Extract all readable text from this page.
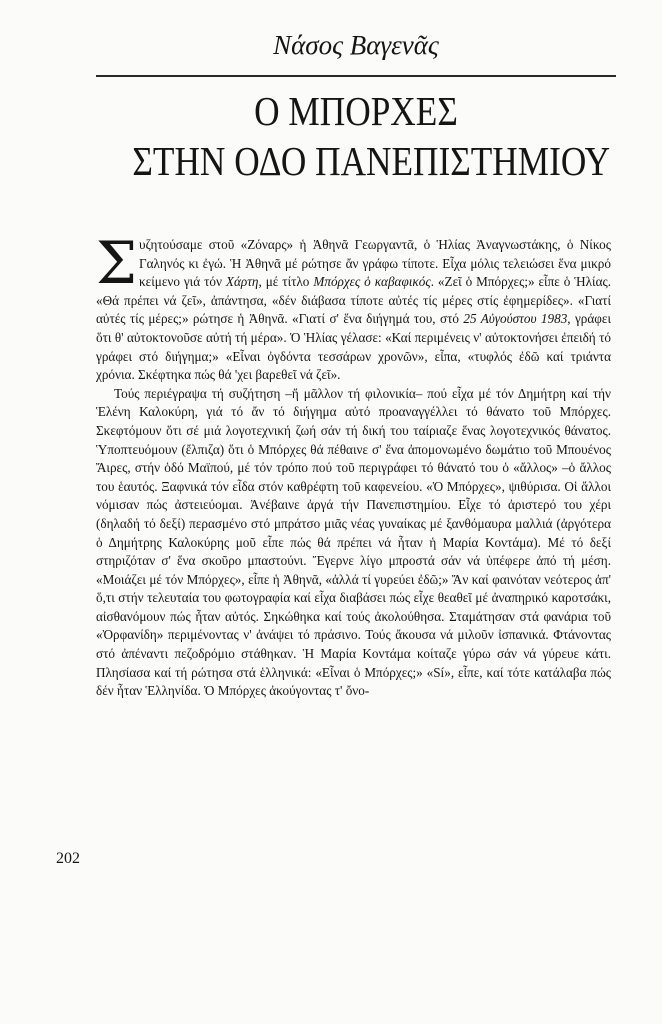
Νάσος Βαγενᾶς
Ο ΜΠΟΡΧΕΣ
ΣΤΗΝ ΟΔΟ ΠΑΝΕΠΙΣΤΗΜΙΟΥ

Συζητούσαμε στοῦ «Ζόναρς» ἡ Ἀθηνᾶ Γεωργαντᾶ, ὁ Ἡλίας Ἀναγνωστάκης, ὁ Νίκος Γαληνός κι ἐγώ. Ἡ Ἀθηνᾶ μέ ρώτησε ἄν γράφω τίποτε. Εἶχα μόλις τελειώσει ἕνα μικρό κείμενο γιά τόν Χάρτη, μέ τίτλο Μπόρχες ὁ καβαφικός. «Ζεῖ ὁ Μπόρχες;» εἶπε ὁ Ἡλίας. «Θά πρέπει νά ζεῖ», ἀπάντησα, «δέν διάβασα τίποτε αὐτές τίς μέρες στίς ἐφημερίδες». «Γιατί αὐτές τίς μέρες;» ρώτησε ἡ Ἀθηνᾶ. «Γιατί σ' ἕνα διήγημά του, στό 25 Αὐγούστου 1983, γράφει ὅτι θ' αὐτοκτονοῦσε αὐτή τή μέρα». Ὁ Ἡλίας γέλασε: «Καί περιμένεις ν' αὐτοκτονήσει ἐπειδή τό γράφει στό διήγημα;» «Εἶναι ὀγδόντα τεσσάρων χρονῶν», εἶπα, «τυφλός ἐδῶ καί τριάντα χρόνια. Σκέφτηκα πώς θά 'χει βαρεθεῖ νά ζεῖ».

Τούς περιέγραψα τή συζήτηση –ἤ μᾶλλον τή φιλονικία– πού εἶχα μέ τόν Δημήτρη καί τήν Ἑλένη Καλοκύρη, γιά τό ἄν τό διήγημα αὐτό προαναγγέλλει τό θάνατο τοῦ Μπόρχες. Σκεφτόμουν ὅτι σέ μιά λογοτεχνική ζωή σάν τή δική του ταίριαζε ἕνας λογοτεχνικός θάνατος. Ὑποπτευόμουν (ἔλπιζα) ὅτι ὁ Μπόρχες θά πέθαινε σ' ἕνα ἀπομονωμένο δωμάτιο τοῦ Μπουένος Ἄιρες, στήν ὁδό Μαϊπού, μέ τόν τρόπο πού τοῦ περιγράφει τό θάνατό του ὁ «ἄλλος» –ὁ ἄλλος του ἑαυτός. Ξαφνικά τόν εἶδα στόν καθρέφτη τοῦ καφενείου. «Ὁ Μπόρχες», ψιθύρισα. Οἱ ἄλλοι νόμισαν πώς ἀστειεύομαι. Ἀνέβαινε ἀργά τήν Πανεπιστημίου. Εἶχε τό ἀριστερό του χέρι (δηλαδή τό δεξί) περασμένο στό μπράτσο μιᾶς νέας γυναίκας μέ ξανθόμαυρα μαλλιά (ἀργότερα ὁ Δημήτρης Καλοκύρης μοῦ εἶπε πώς θά πρέπει νά ἦταν ἡ Μαρία Κοντάμα). Μέ τό δεξί στηριζόταν σ' ἕνα σκοῦρο μπαστούνι. Ἔγερνε λίγο μπροστά σάν νά ὑπέφερε ἀπό τή μέση. «Μοιάζει μέ τόν Μπόρχες», εἶπε ἡ Ἀθηνᾶ, «ἀλλά τί γυρεύει ἐδῶ;» Ἄν καί φαινόταν νεότερος ἀπ' ὅ,τι στήν τελευταία του φωτογραφία καί εἶχα διαβάσει πώς εἶχε θεαθεῖ μέ ἀναπηρικό καροτσάκι, αἰσθανόμουν πώς ἦταν αὐτός. Σηκώθηκα καί τούς ἀκολούθησα. Σταμάτησαν στά φανάρια τοῦ «Ὀρφανίδη» περιμένοντας ν' ἀνάψει τό πράσινο. Τούς ἄκουσα νά μιλοῦν ἰσπανικά. Φτάνοντας στό ἀπέναντι πεζοδρόμιο στάθηκαν. Ἡ Μαρία Κοντάμα κοίταζε γύρω σάν νά γύρευε κάτι. Πλησίασα καί τή ρώτησα στά ἑλληνικά: «Εἶναι ὁ Μπόρχες;» «Sí», εἶπε, καί τότε κατάλαβα πώς δέν ἦταν Ἑλληνίδα. Ὁ Μπόρχες ἀκούγοντας τ' ὄνο-

202
